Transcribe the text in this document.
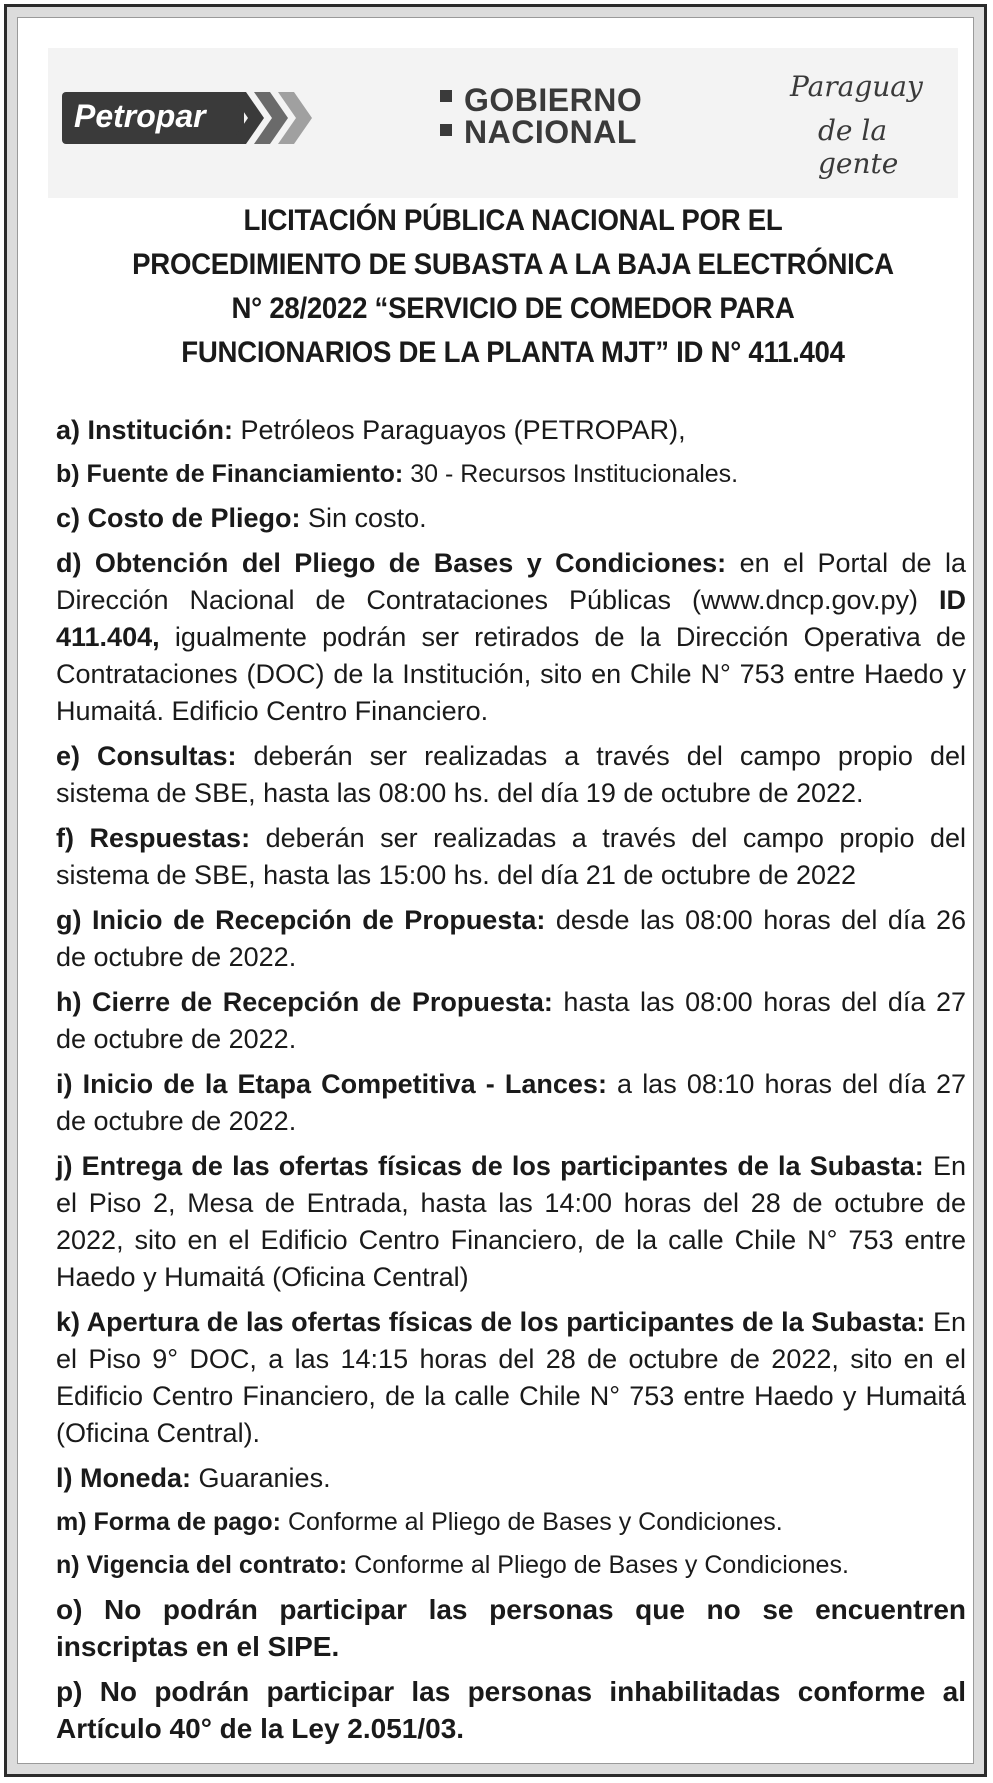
Petropar	GOBIERNO
NACIONAL
Paraguay
de la gente
LICITACIÓN PÚBLICA NACIONAL POR EL
PROCEDIMIENTO DE SUBASTA A LA BAJA ELECTRÓNICA
N° 28/2022 “SERVICIO DE COMEDOR PARA
FUNCIONARIOS DE LA PLANTA MJT” ID N° 411.404
a) Institución: Petróleos Paraguayos (PETROPAR),
b) Fuente de Financiamiento: 30 - Recursos Institucionales.
c) Costo de Pliego: Sin costo.
d) Obtención del Pliego de Bases y Condiciones: en el Portal de la Dirección Nacional de Contrataciones Públicas (www.dncp.gov.py) ID 411.404, igualmente podrán ser retirados de la Dirección Operativa de Contrataciones (DOC) de la Institución, sito en Chile N° 753 entre Haedo y Humaitá. Edificio Centro Financiero.
e) Consultas: deberán ser realizadas a través del campo propio del sistema de SBE, hasta las 08:00 hs. del día 19 de octubre de 2022.
f) Respuestas: deberán ser realizadas a través del campo propio del sistema de SBE, hasta las 15:00 hs. del día 21 de octubre de 2022
g) Inicio de Recepción de Propuesta: desde las 08:00 horas del día 26 de octubre de 2022.
h) Cierre de Recepción de Propuesta: hasta las 08:00 horas del día 27 de octubre de 2022.
i) Inicio de la Etapa Competitiva - Lances: a las 08:10 horas del día 27 de octubre de 2022.
j) Entrega de las ofertas físicas de los participantes de la Subasta: En el Piso 2, Mesa de Entrada, hasta las 14:00 horas del 28 de octubre de 2022, sito en el Edificio Centro Financiero, de la calle Chile N° 753 entre Haedo y Humaitá (Oficina Central)
k) Apertura de las ofertas físicas de los participantes de la Subasta: En el Piso 9° DOC, a las 14:15 horas del 28 de octubre de 2022, sito en el Edificio Centro Financiero, de la calle Chile N° 753 entre Haedo y Humaitá (Oficina Central).
l) Moneda: Guaranies.
m) Forma de pago: Conforme al Pliego de Bases y Condiciones.
n) Vigencia del contrato: Conforme al Pliego de Bases y Condiciones.
o) No podrán participar las personas que no se encuentren inscriptas en el SIPE.
p) No podrán participar las personas inhabilitadas conforme al Artículo 40° de la Ley 2.051/03.
